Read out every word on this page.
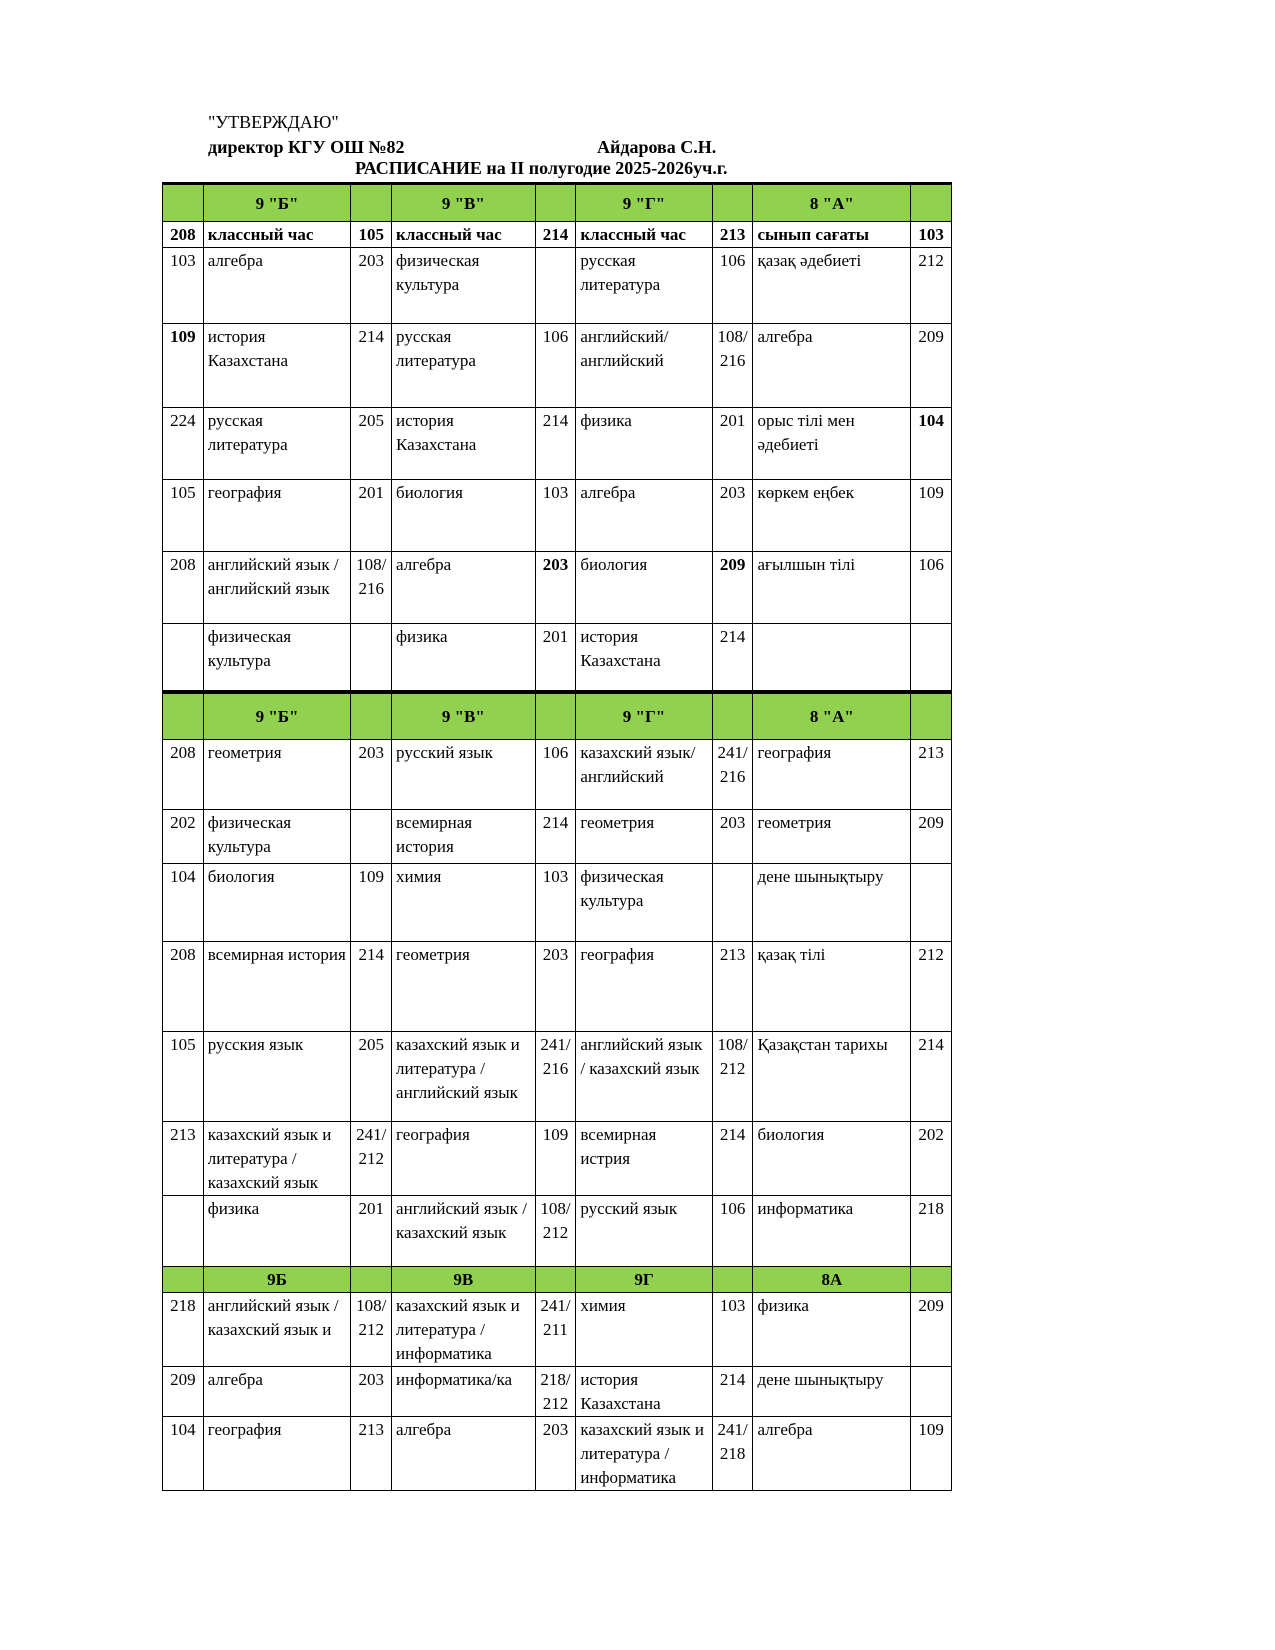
"УТВЕРЖДАЮ"
директор КГУ ОШ №82	Айдарова С.Н.
РАСПИСАНИЕ на II полугодие 2025-2026уч.г.
	9 "Б"		9 "В"		9 "Г"		8 "А"	
208	классный час	105	классный час	214	классный час	213	сынып сағаты	103
103	алгебра	203	физическая культура		русская литература	106	қазақ әдебиеті	212
109	история Казахстана	214	русская литература	106	английский/английский	108/ 216	алгебра	209
224	русская литература	205	история Казахстана	214	физика	201	орыс тілі мен әдебиеті	104
105	география	201	биология	103	алгебра	203	көркем еңбек	109
208	английский язык / английский язык	108/ 216	алгебра	203	биология	209	ағылшын тілі	106
	физическая культура		физика	201	история Казахстана	214		
	9 "Б"		9 "В"		9 "Г"		8 "А"	
208	геометрия	203	русский язык	106	казахский язык/ английский	241/ 216	география	213
202	физическая культура		всемирная история	214	геометрия	203	геометрия	209
104	биология	109	химия	103	физическая культура		дене шынықтыру	
208	всемирная история	214	геометрия	203	география	213	қазақ тілі	212
105	русския язык	205	казахский язык и литература / английский язык	241/ 216	английский язык / казахский язык	108/ 212	Қазақстан тарихы	214
213	казахский язык и литература / казахский язык	241/ 212	география	109	всемирная истрия	214	биология	202
	физика	201	английский язык / казахский язык	108/ 212	русский язык	106	информатика	218
	9Б		9В		9Г		8А	
218	английский язык / казахский язык и	108/ 212	казахский язык и литература /информатика	241/ 211	химия	103	физика	209
209	алгебра	203	информатика/ка	218/ 212	история Казахстана	214	дене шынықтыру	
104	география	213	алгебра	203	казахский язык и литература /информатика	241/ 218	алгебра	109
